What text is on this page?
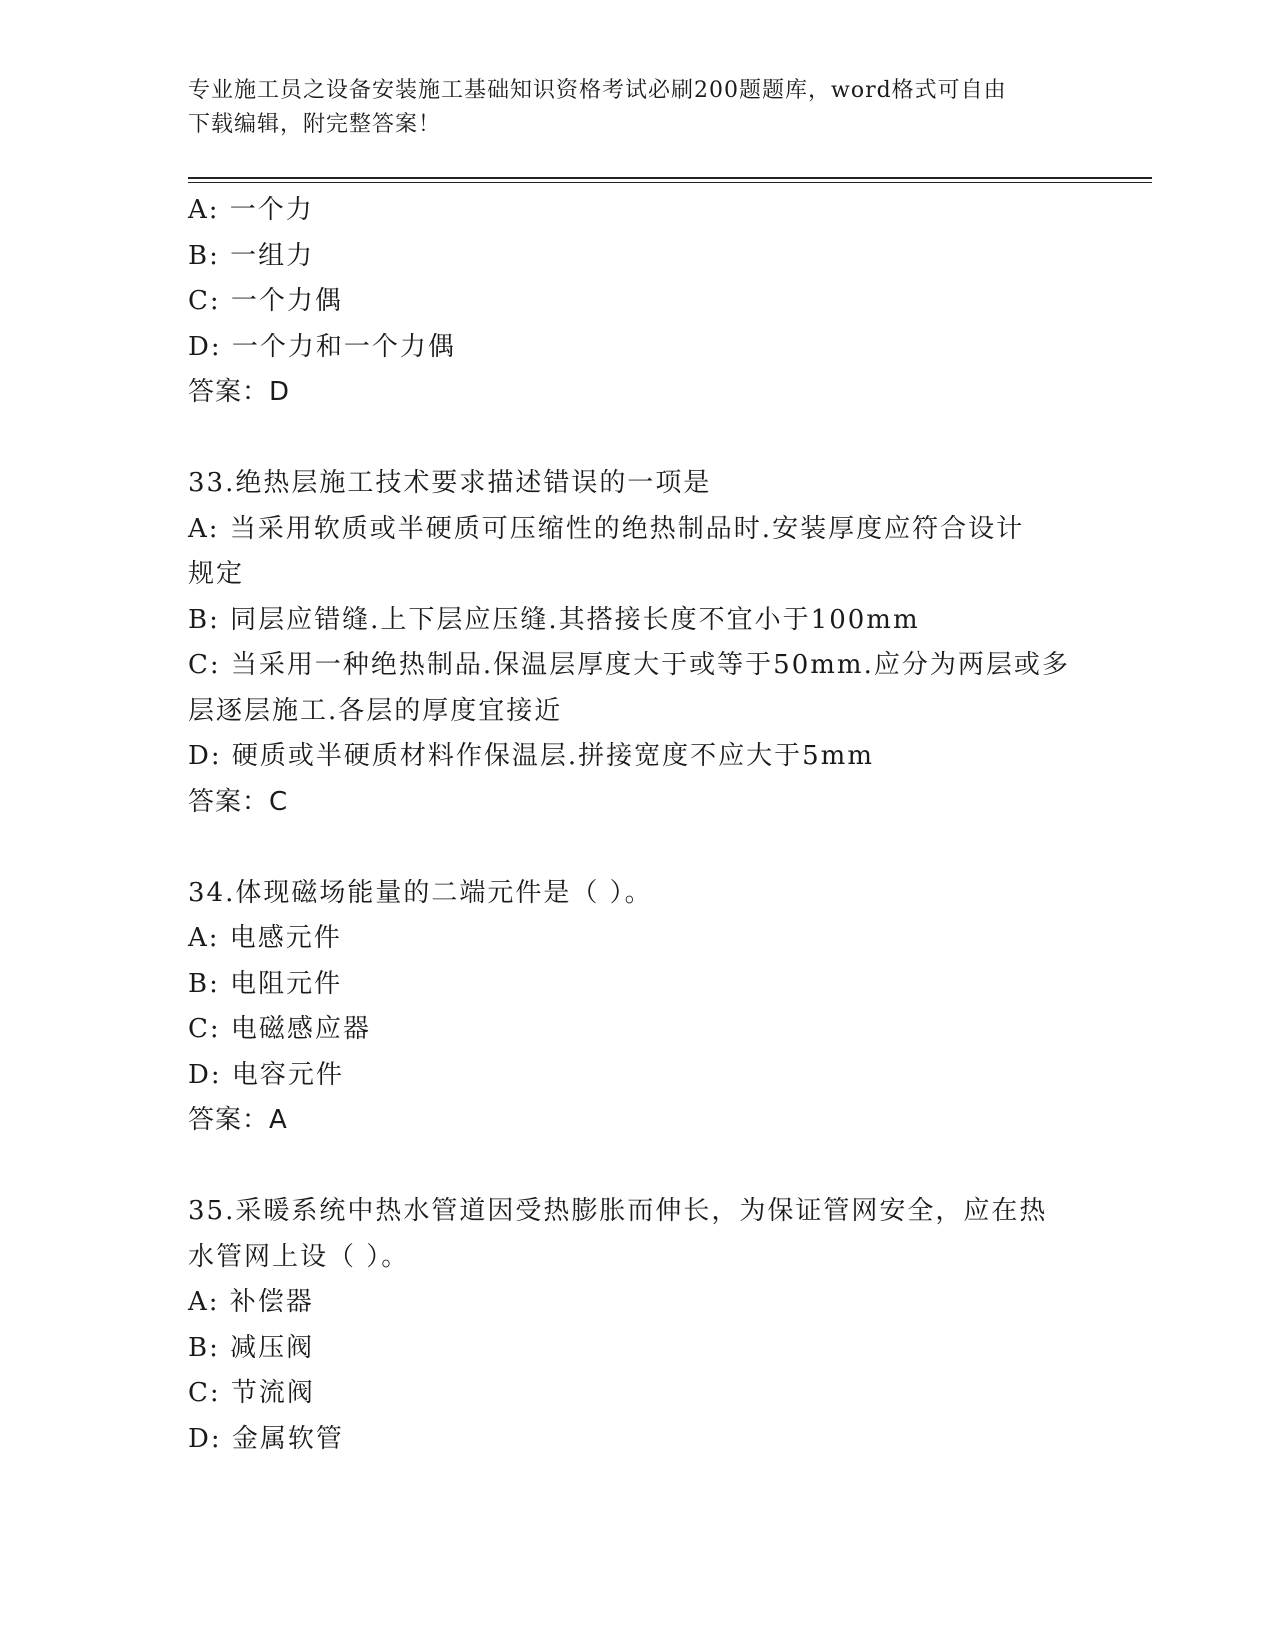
专业施工员之设备安装施工基础知识资格考试必刷200题题库，word格式可自由
下载编辑，附完整答案！
A: 一个力
B: 一组力
C: 一个力偶
D: 一个力和一个力偶
答案：D
33.绝热层施工技术要求描述错误的一项是
A: 当采用软质或半硬质可压缩性的绝热制品时.安装厚度应符合设计
规定
B: 同层应错缝.上下层应压缝.其搭接长度不宜小于100mm
C: 当采用一种绝热制品.保温层厚度大于或等于50mm.应分为两层或多
层逐层施工.各层的厚度宜接近
D: 硬质或半硬质材料作保温层.拼接宽度不应大于5mm
答案：C
34.体现磁场能量的二端元件是（ ）。
A: 电感元件
B: 电阻元件
C: 电磁感应器
D: 电容元件
答案：A
35.采暖系统中热水管道因受热膨胀而伸长，为保证管网安全，应在热
水管网上设（ ）。
A: 补偿器
B: 减压阀
C: 节流阀
D: 金属软管
